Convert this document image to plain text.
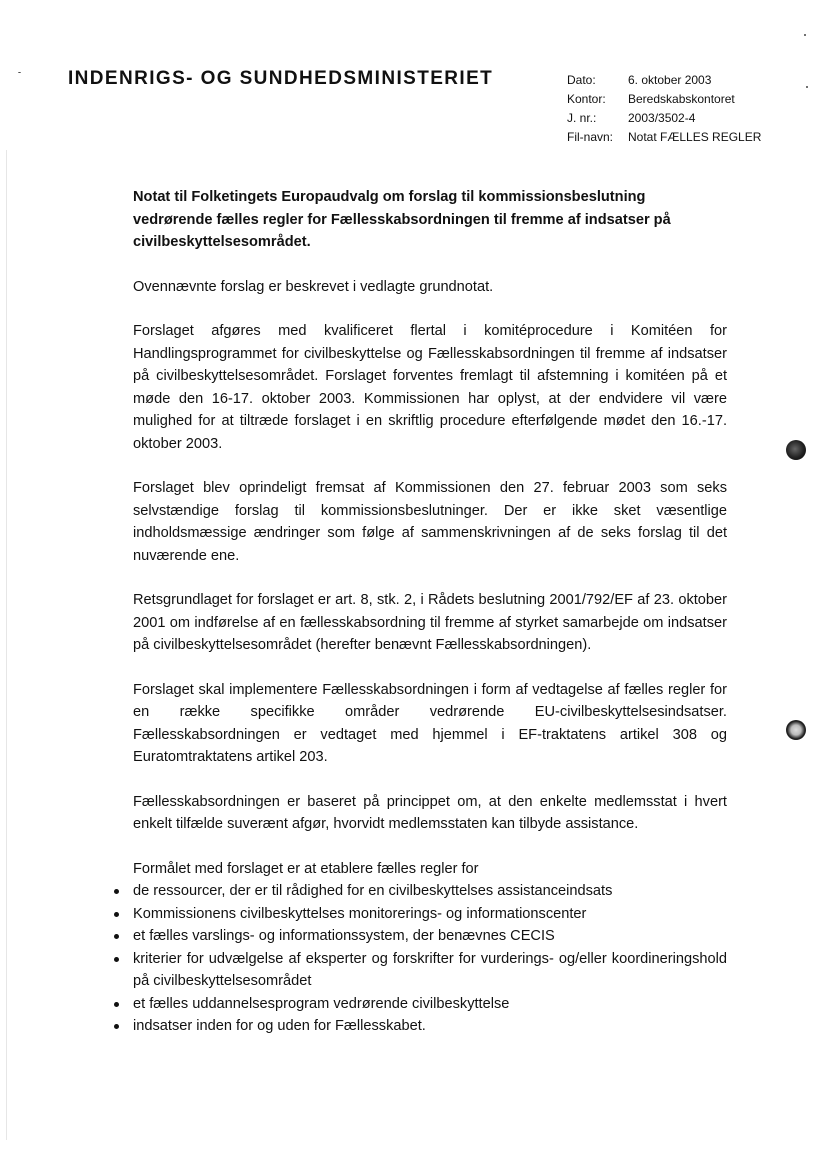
INDENRIGS- OG SUNDHEDSMINISTERIET	Dato:	6. oktober 2003
Kontor:	Beredskabskontoret
J. nr.:	2003/3502-4
Fil-navn:	Notat FÆLLES REGLER

Notat til Folketingets Europaudvalg om forslag til kommissionsbeslutning vedrørende fælles regler for Fællesskabsordningen til fremme af indsatser på civilbeskyttelsesområdet.

Ovennævnte forslag er beskrevet i vedlagte grundnotat.

Forslaget afgøres med kvalificeret flertal i komitéprocedure i Komitéen for Handlingsprogrammet for civilbeskyttelse og Fællesskabsordningen til fremme af indsatser på civilbeskyttelsesområdet. Forslaget forventes fremlagt til afstemning i komitéen på et møde den 16-17. oktober 2003. Kommissionen har oplyst, at der endvidere vil være mulighed for at tiltræde forslaget i en skriftlig procedure efterfølgende mødet den 16.-17. oktober 2003.

Forslaget blev oprindeligt fremsat af Kommissionen den 27. februar 2003 som seks selvstændige forslag til kommissionsbeslutninger. Der er ikke sket væsentlige indholdsmæssige ændringer som følge af sammenskrivningen af de seks forslag til det nuværende ene.

Retsgrundlaget for forslaget er art. 8, stk. 2, i Rådets beslutning 2001/792/EF af 23. oktober 2001 om indførelse af en fællesskabsordning til fremme af styrket samarbejde om indsatser på civilbeskyttelsesområdet (herefter benævnt Fællesskabsordningen).

Forslaget skal implementere Fællesskabsordningen i form af vedtagelse af fælles regler for en række specifikke områder vedrørende EU-civilbeskyttelsesindsatser. Fællesskabsordningen er vedtaget med hjemmel i EF-traktatens artikel 308 og Euratomtraktatens artikel 203.

Fællesskabsordningen er baseret på princippet om, at den enkelte medlemsstat i hvert enkelt tilfælde suverænt afgør, hvorvidt medlemsstaten kan tilbyde assistance.

Formålet med forslaget er at etablere fælles regler for

de ressourcer, der er til rådighed for en civilbeskyttelses assistanceindsats
Kommissionens civilbeskyttelses monitorerings- og informationscenter
et fælles varslings- og informationssystem, der benævnes CECIS
kriterier for udvælgelse af eksperter og forskrifter for vurderings- og/eller koordineringshold på civilbeskyttelsesområdet
et fælles uddannelsesprogram vedrørende civilbeskyttelse
indsatser inden for og uden for Fællesskabet.
